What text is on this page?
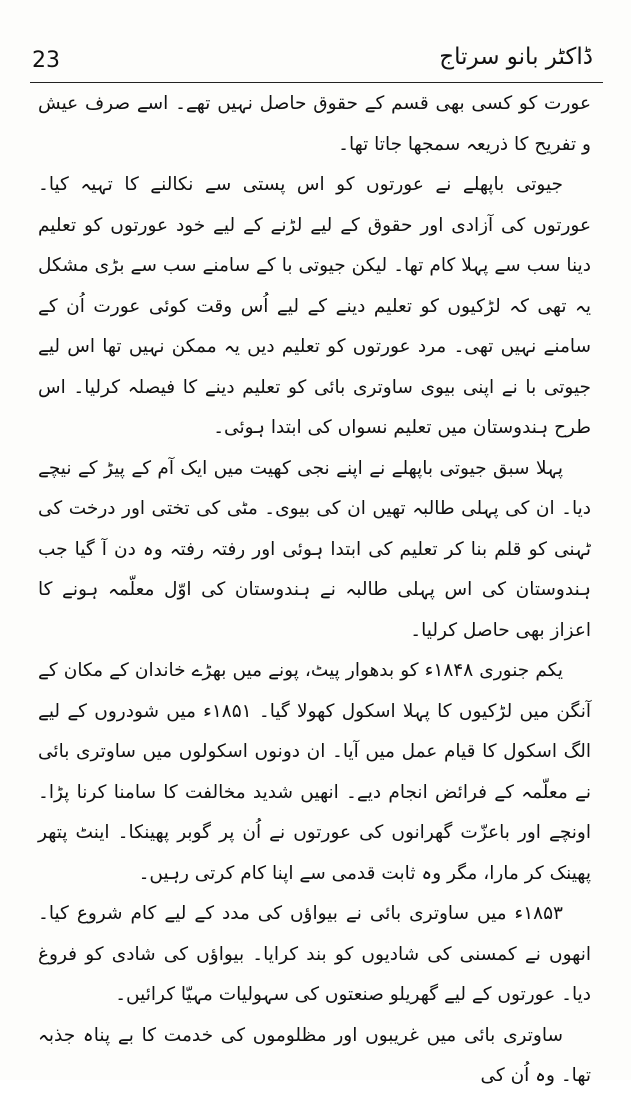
23	ڈاکٹر بانو سرتاج

عورت کو کسی بھی قسم کے حقوق حاصل نہیں تھے۔ اسے صرف عیش و تفریح کا ذریعہ سمجھا جاتا تھا۔

جیوتی باپھلے نے عورتوں کو اس پستی سے نکالنے کا تہیہ کیا۔ عورتوں کی آزادی اور حقوق کے لیے لڑنے کے لیے خود عورتوں کو تعلیم دینا سب سے پہلا کام تھا۔ لیکن جیوتی با کے سامنے سب سے بڑی مشکل یہ تھی کہ لڑکیوں کو تعلیم دینے کے لیے اُس وقت کوئی عورت اُن کے سامنے نہیں تھی۔ مرد عورتوں کو تعلیم دیں یہ ممکن نہیں تھا اس لیے جیوتی با نے اپنی بیوی ساوتری بائی کو تعلیم دینے کا فیصلہ کرلیا۔ اس طرح ہندوستان میں تعلیم نسواں کی ابتدا ہوئی۔

پہلا سبق جیوتی باپھلے نے اپنے نجی کھیت میں ایک آم کے پیڑ کے نیچے دیا۔ ان کی پہلی طالبہ تھیں ان کی بیوی۔ مٹی کی تختی اور درخت کی ٹہنی کو قلم بنا کر تعلیم کی ابتدا ہوئی اور رفتہ رفتہ وہ دن آ گیا جب ہندوستان کی اس پہلی طالبہ نے ہندوستان کی اوّل معلّمہ ہونے کا اعزاز بھی حاصل کرلیا۔

یکم جنوری ۱۸۴۸ء کو بدھوار پیٹ، پونے میں بھڑے خاندان کے مکان کے آنگن میں لڑکیوں کا پہلا اسکول کھولا گیا۔ ۱۸۵۱ء میں شودروں کے لیے الگ اسکول کا قیام عمل میں آیا۔ ان دونوں اسکولوں میں ساوتری بائی نے معلّمہ کے فرائض انجام دیے۔ انھیں شدید مخالفت کا سامنا کرنا پڑا۔ اونچے اور باعزّت گھرانوں کی عورتوں نے اُن پر گوبر پھینکا۔ اینٹ پتھر پھینک کر مارا، مگر وہ ثابت قدمی سے اپنا کام کرتی رہیں۔

۱۸۵۳ء میں ساوتری بائی نے بیواؤں کی مدد کے لیے کام شروع کیا۔ انھوں نے کمسنی کی شادیوں کو بند کرایا۔ بیواؤں کی شادی کو فروغ دیا۔ عورتوں کے لیے گھریلو صنعتوں کی سہولیات مہیّا کرائیں۔

ساوتری بائی میں غریبوں اور مظلوموں کی خدمت کا بے پناہ جذبہ تھا۔ وہ اُن کی
